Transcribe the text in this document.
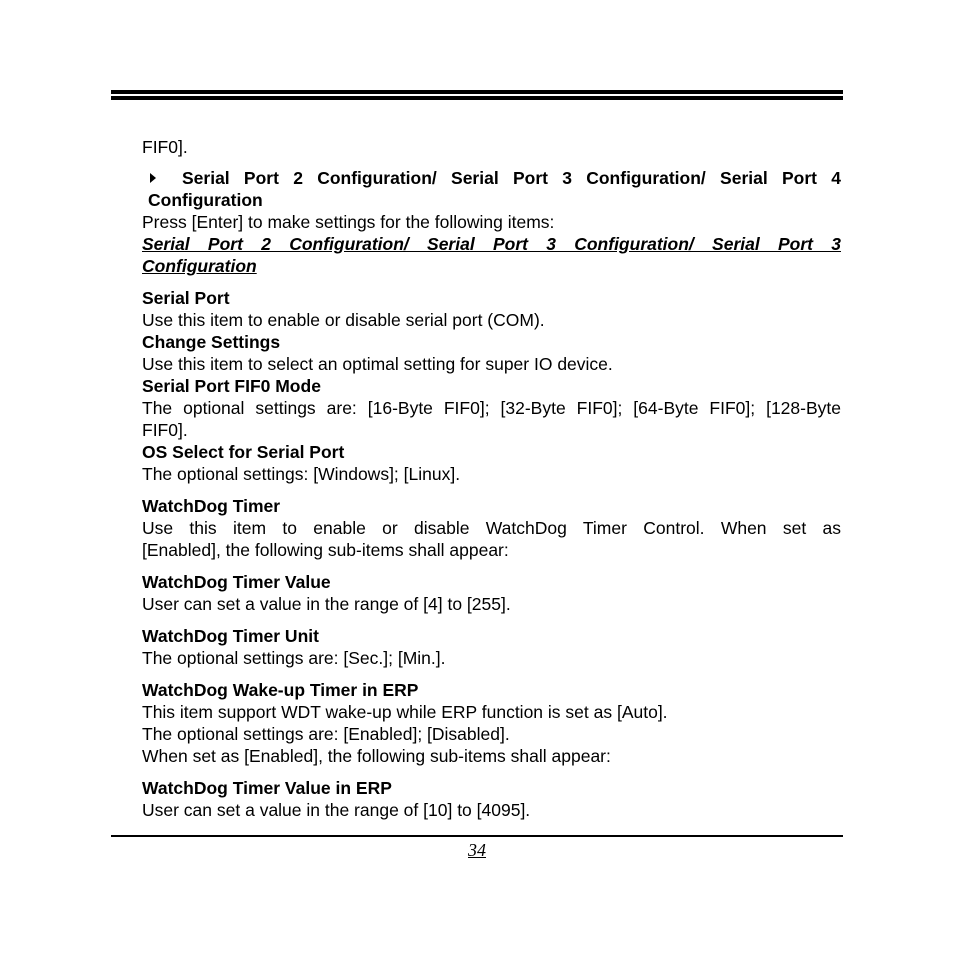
FIF0].

Serial Port 2 Configuration/ Serial Port 3 Configuration/ Serial Port 4

Configuration

Press [Enter] to make settings for the following items:

Serial Port 2 Configuration/ Serial Port 3 Configuration/ Serial Port 3

Configuration

Serial Port

Use this item to enable or disable serial port (COM).

Change Settings

Use this item to select an optimal setting for super IO device.

Serial Port FIF0 Mode

The optional settings are: [16-Byte FIF0]; [32-Byte FIF0]; [64-Byte FIF0]; [128-Byte

FIF0].

OS Select for Serial Port

The optional settings: [Windows]; [Linux].

WatchDog Timer

Use this item to enable or disable WatchDog Timer Control. When set as

[Enabled], the following sub-items shall appear:

WatchDog Timer Value

User can set a value in the range of [4] to [255].

WatchDog Timer Unit

The optional settings are: [Sec.]; [Min.].

WatchDog Wake-up Timer in ERP

This item support WDT wake-up while ERP function is set as [Auto].

The optional settings are: [Enabled]; [Disabled].

When set as [Enabled], the following sub-items shall appear:

WatchDog Timer Value in ERP

User can set a value in the range of [10] to [4095].

34
